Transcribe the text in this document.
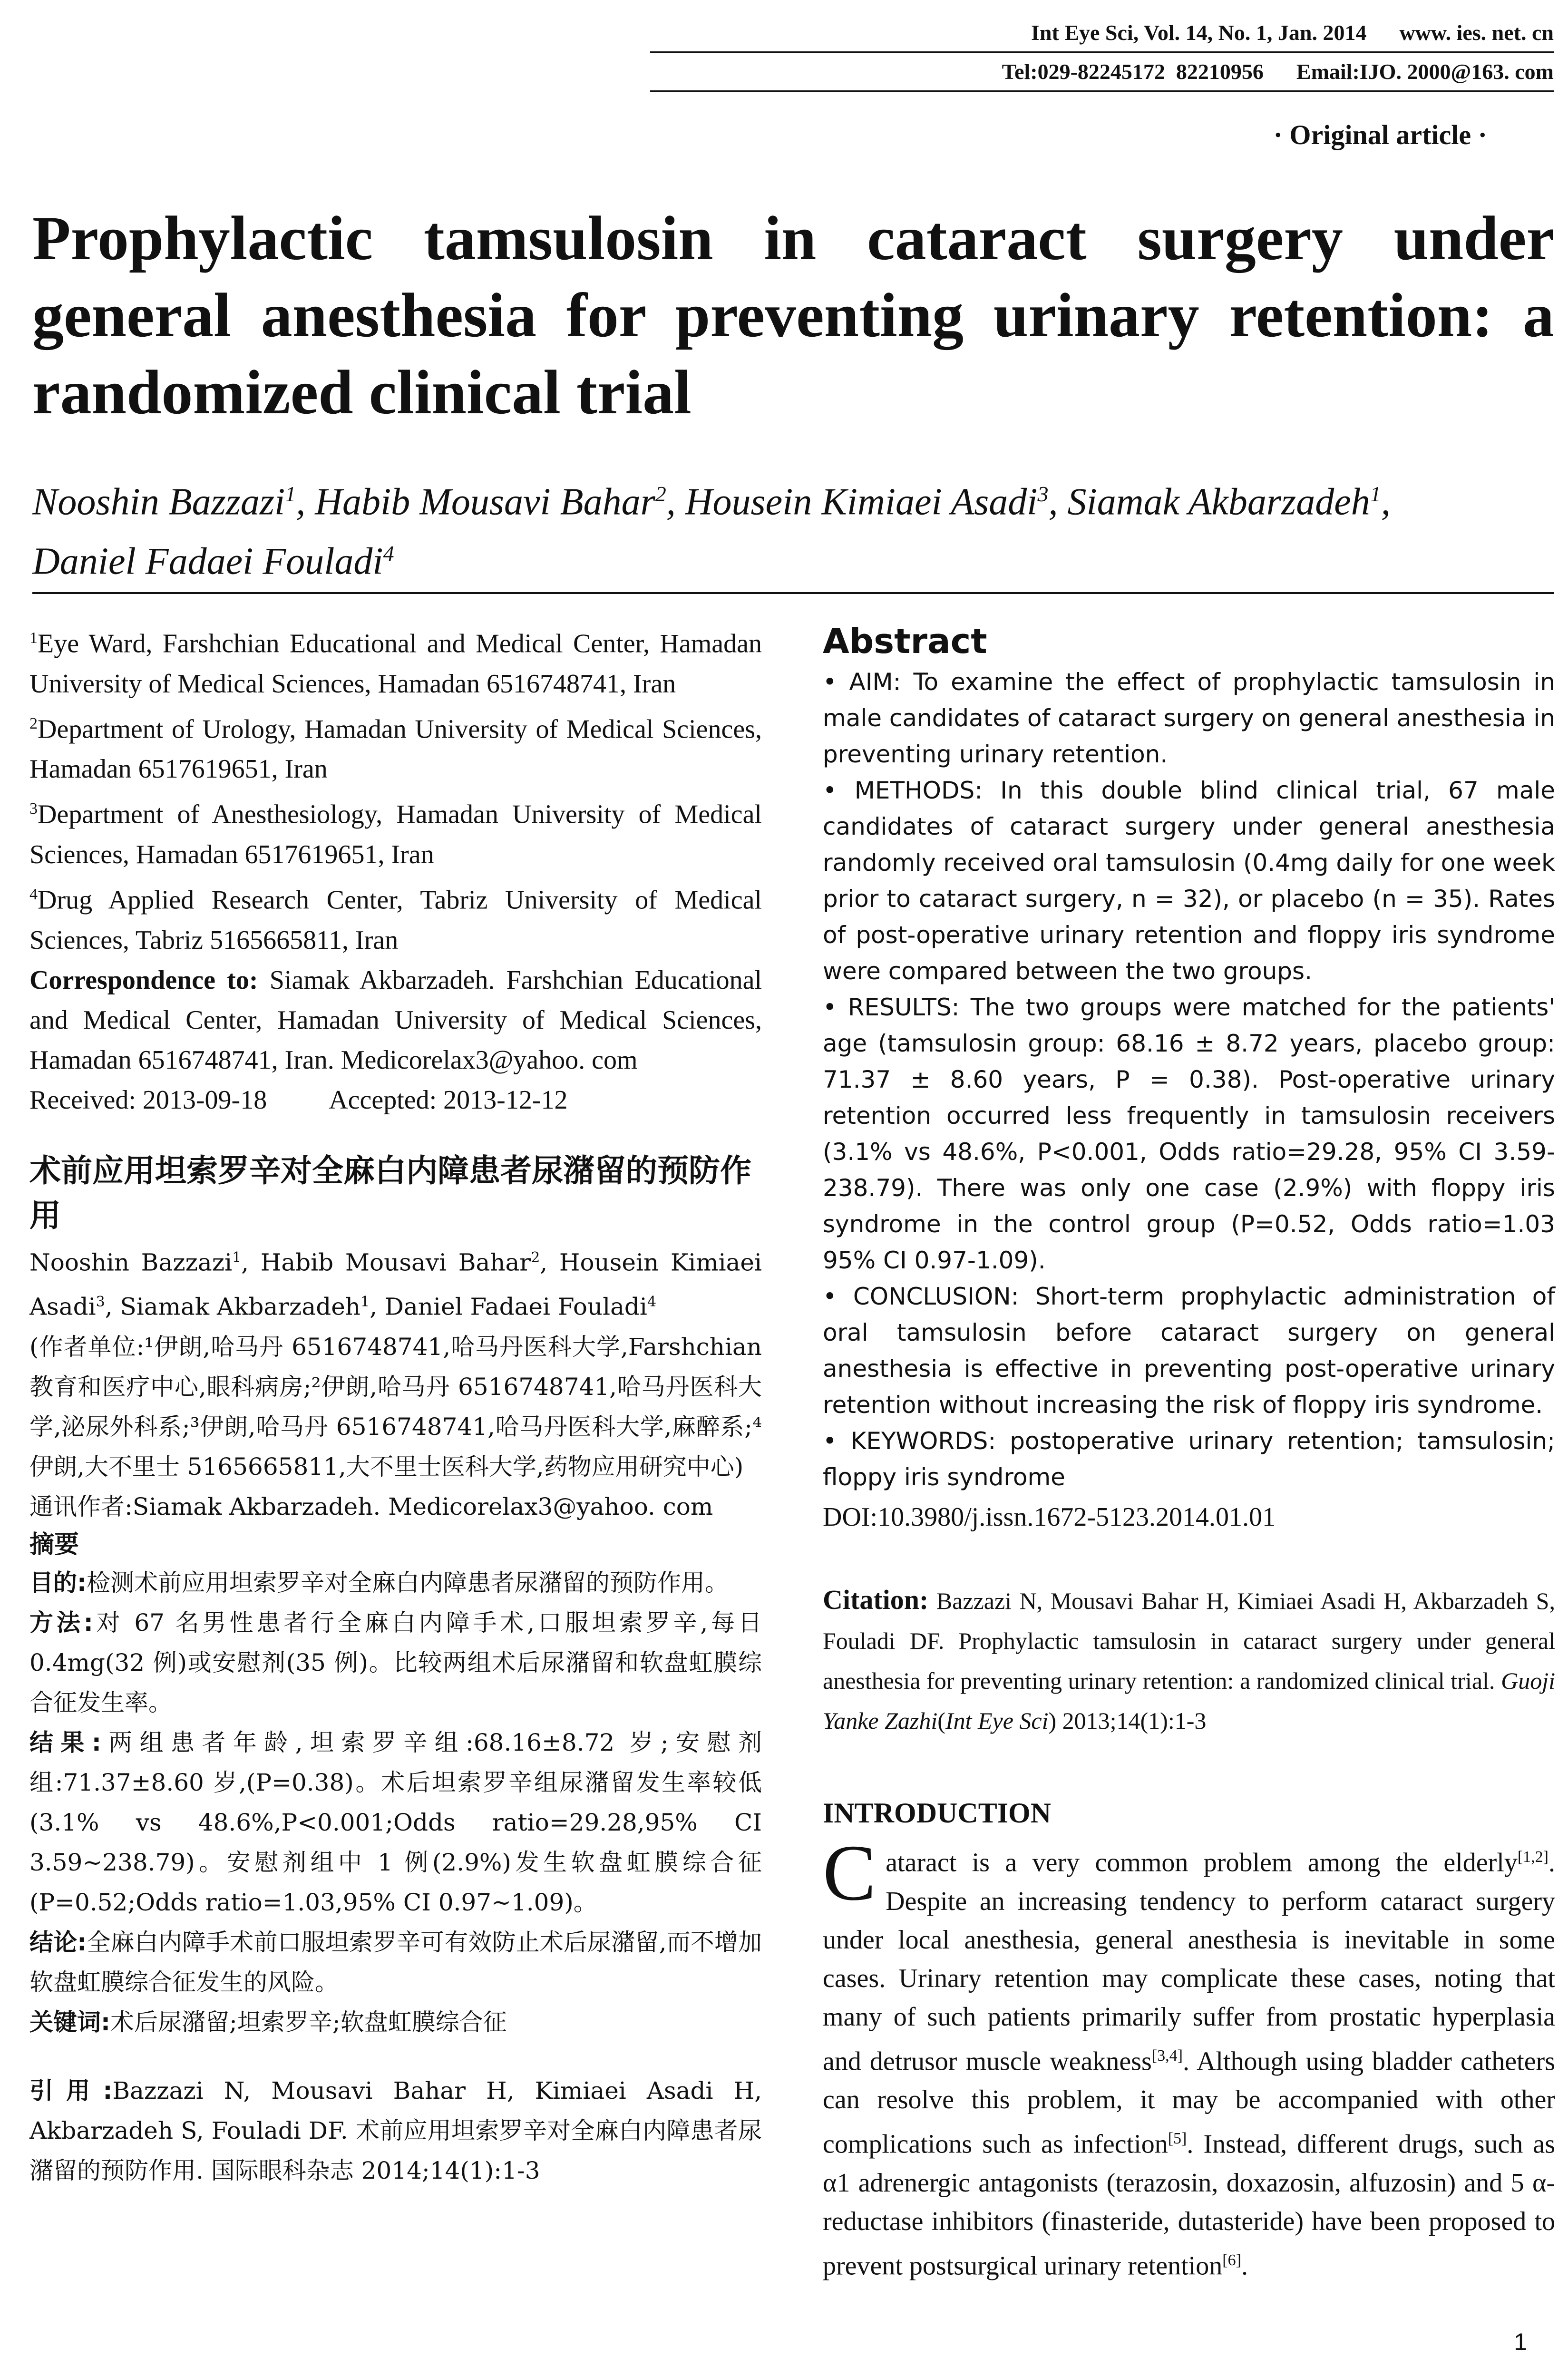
Int Eye Sci, Vol. 14, No. 1, Jan. 2014 www. ies. net. cn
Tel:029-82245172  82210956 Email:IJO. 2000@163. com
· Original article ·
Prophylactic tamsulosin in cataract surgery under
general anesthesia for preventing urinary retention: a
randomized clinical trial
Nooshin Bazzazi$^1$, Habib Mousavi Bahar$^2$, Housein Kimiaei Asadi$^3$, Siamak Akbarzadeh$^1$,
Daniel Fadaei Fouladi$^4$
$^1$Eye Ward, Farshchian Educational and Medical Center, Hamadan University of Medical Sciences, Hamadan 6516748741, Iran
$^2$Department of Urology, Hamadan University of Medical Sciences, Hamadan 6517619651, Iran
$^3$Department of Anesthesiology, Hamadan University of Medical Sciences, Hamadan 6517619651, Iran
$^4$Drug Applied Research Center, Tabriz University of Medical Sciences, Tabriz 5165665811, Iran
Correspondence to: Siamak Akbarzadeh. Farshchian Educational and Medical Center, Hamadan University of Medical Sciences, Hamadan 6516748741, Iran. Medicorelax3@yahoo. com
Received: 2013-09-18 Accepted: 2013-12-12
术前应用坦索罗辛对全麻白内障患者尿潴留的预防作用
Nooshin Bazzazi$^1$, Habib Mousavi Bahar$^2$, Housein Kimiaei Asadi$^3$, Siamak Akbarzadeh$^1$, Daniel Fadaei Fouladi$^4$
(作者单位:¹伊朗,哈马丹 6516748741,哈马丹医科大学,Farshchian 教育和医疗中心,眼科病房;²伊朗,哈马丹 6516748741,哈马丹医科大学,泌尿外科系;³伊朗,哈马丹 6516748741,哈马丹医科大学,麻醉系;⁴伊朗,大不里士 5165665811,大不里士医科大学,药物应用研究中心)
通讯作者:Siamak Akbarzadeh. Medicorelax3@yahoo. com
摘要
目的:检测术前应用坦索罗辛对全麻白内障患者尿潴留的预防作用。
方法:对 67 名男性患者行全麻白内障手术,口服坦索罗辛,每日 0.4mg(32 例)或安慰剂(35 例)。比较两组术后尿潴留和软盘虹膜综合征发生率。
结果:两组患者年龄,坦索罗辛组:68.16±8.72 岁;安慰剂组:71.37±8.60 岁,(P=0.38)。术后坦索罗辛组尿潴留发生率较低(3.1% vs 48.6%,P<0.001;Odds ratio=29.28,95% CI 3.59~238.79)。安慰剂组中 1 例(2.9%)发生软盘虹膜综合征(P=0.52;Odds ratio=1.03,95% CI 0.97~1.09)。
结论:全麻白内障手术前口服坦索罗辛可有效防止术后尿潴留,而不增加软盘虹膜综合征发生的风险。
关键词:术后尿潴留;坦索罗辛;软盘虹膜综合征
引用:Bazzazi N, Mousavi Bahar H, Kimiaei Asadi H, Akbarzadeh S, Fouladi DF. 术前应用坦索罗辛对全麻白内障患者尿潴留的预防作用. 国际眼科杂志 2014;14(1):1-3
Abstract

• AIM: To examine the effect of prophylactic tamsulosin in male candidates of cataract surgery on general anesthesia in preventing urinary retention.

• METHODS: In this double blind clinical trial, 67 male candidates of cataract surgery under general anesthesia randomly received oral tamsulosin (0.4mg daily for one week prior to cataract surgery, n = 32), or placebo (n = 35). Rates of post-operative urinary retention and floppy iris syndrome were compared between the two groups.

• RESULTS: The two groups were matched for the patients' age (tamsulosin group: 68.16 ± 8.72 years, placebo group: 71.37 ± 8.60 years, P = 0.38). Post-operative urinary retention occurred less frequently in tamsulosin receivers (3.1% vs 48.6%, P<0.001, Odds ratio=29.28, 95% CI 3.59-238.79). There was only one case (2.9%) with floppy iris syndrome in the control group (P=0.52, Odds ratio=1.03 95% CI 0.97-1.09).

• CONCLUSION: Short-term prophylactic administration of oral tamsulosin before cataract surgery on general anesthesia is effective in preventing post-operative urinary retention without increasing the risk of floppy iris syndrome.

• KEYWORDS: postoperative urinary retention; tamsulosin; floppy iris syndrome

DOI:10.3980/j.issn.1672-5123.2014.01.01
Citation: Bazzazi N, Mousavi Bahar H, Kimiaei Asadi H, Akbarzadeh S, Fouladi DF. Prophylactic tamsulosin in cataract surgery under general anesthesia for preventing urinary retention: a randomized clinical trial. Guoji Yanke Zazhi(Int Eye Sci) 2013;14(1):1-3
INTRODUCTION
Cataract is a very common problem among the elderly[1,2]. Despite an increasing tendency to perform cataract surgery under local anesthesia, general anesthesia is inevitable in some cases. Urinary retention may complicate these cases, noting that many of such patients primarily suffer from prostatic hyperplasia and detrusor muscle weakness[3,4]. Although using bladder catheters can resolve this problem, it may be accompanied with other complications such as infection[5]. Instead, different drugs, such as α1 adrenergic antagonists (terazosin, doxazosin, alfuzosin) and 5 α-reductase inhibitors (finasteride, dutasteride) have been proposed to prevent postsurgical urinary retention[6].
1
